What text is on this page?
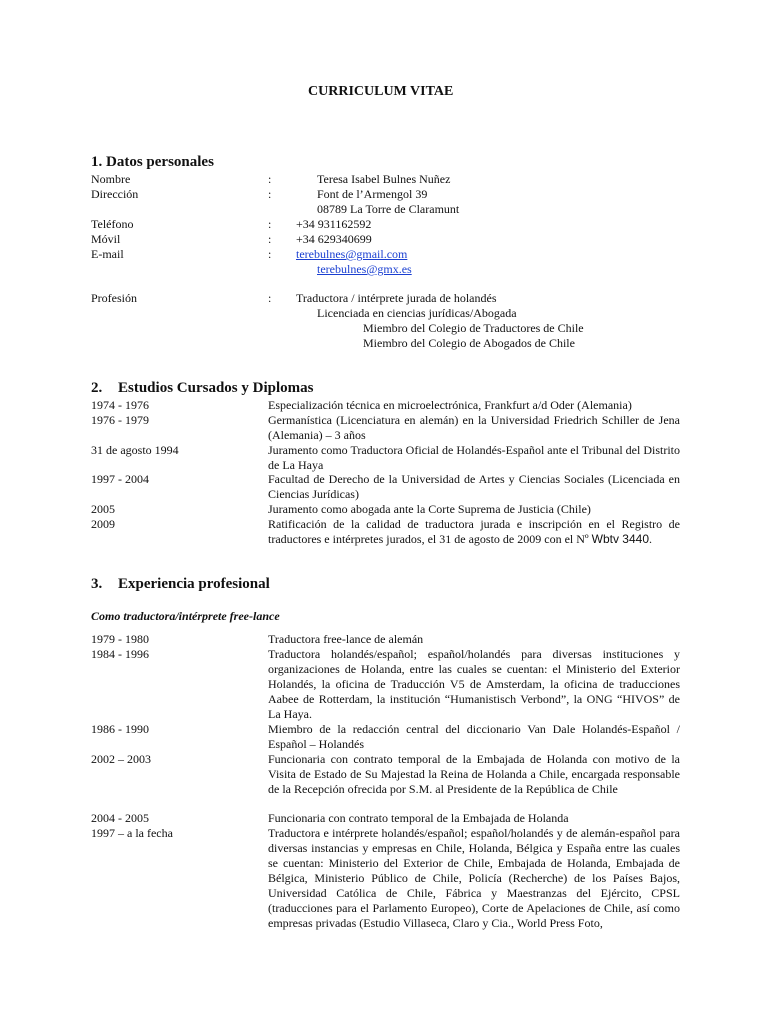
CURRICULUM VITAE
1. Datos personales
Nombre	:	Teresa Isabel Bulnes Nuñez
Dirección	:	Font de l’Armengol 39
08789 La Torre de Claramunt
Teléfono	: +34 931162592
Móvil	: +34 629340699
E-mail	: terebulnes@gmail.com
terebulnes@gmx.es
Profesión	: Traductora / intérprete jurada de holandés
Licenciada en ciencias jurídicas/Abogada
Miembro del Colegio de Traductores de Chile
Miembro del Colegio de Abogados de Chile
2. Estudios Cursados y Diplomas
1974 - 1976	Especialización técnica en microelectrónica, Frankfurt a/d Oder (Alemania)
1976 - 1979	Germanística (Licenciatura en alemán) en la Universidad Friedrich Schiller de Jena (Alemania) – 3 años
31 de agosto 1994	Juramento como Traductora Oficial de Holandés-Español ante el Tribunal del Distrito de La Haya
1997 - 2004	Facultad de Derecho de la Universidad de Artes y Ciencias Sociales (Licenciada en Ciencias Jurídicas)
2005	Juramento como abogada ante la Corte Suprema de Justicia (Chile)
2009	Ratificación de la calidad de traductora jurada e inscripción en el Registro de traductores e intérpretes jurados, el 31 de agosto de 2009 con el Nº Wbtv 3440.
3. Experiencia profesional
Como traductora/intérprete free-lance
1979 - 1980	Traductora free-lance de alemán
1984 - 1996	Traductora holandés/español; español/holandés para diversas instituciones y organizaciones de Holanda, entre las cuales se cuentan: el Ministerio del Exterior Holandés, la oficina de Traducción V5 de Amsterdam, la oficina de traducciones Aabee de Rotterdam, la institución “Humanistisch Verbond”, la ONG “HIVOS” de La Haya.
1986 - 1990	Miembro de la redacción central del diccionario Van Dale Holandés-Español / Español – Holandés
2002 – 2003	Funcionaria con contrato temporal de la Embajada de Holanda con motivo de la Visita de Estado de Su Majestad la Reina de Holanda a Chile, encargada responsable de la Recepción ofrecida por S.M. al Presidente de la República de Chile
2004 - 2005	Funcionaria con contrato temporal de la Embajada de Holanda
1997 – a la fecha	Traductora e intérprete holandés/español; español/holandés y de alemán-español para diversas instancias y empresas en Chile, Holanda, Bélgica y España entre las cuales se cuentan: Ministerio del Exterior de Chile, Embajada de Holanda, Embajada de Bélgica, Ministerio Público de Chile, Policía (Recherche) de los Países Bajos, Universidad Católica de Chile, Fábrica y Maestranzas del Ejército, CPSL (traducciones para el Parlamento Europeo), Corte de Apelaciones de Chile, así como empresas privadas (Estudio Villaseca, Claro y Cia., World Press Foto,
